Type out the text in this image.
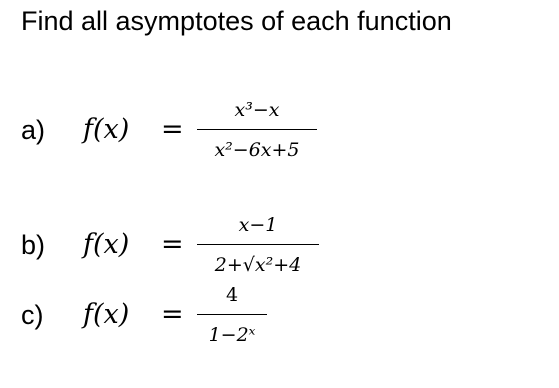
Find all asymptotes of each function
a) f(x) =
x³−x
x²−6x+5
b) f(x) =
x−1
2+√x²+4
c) f(x) =
4
1−2ˣ
